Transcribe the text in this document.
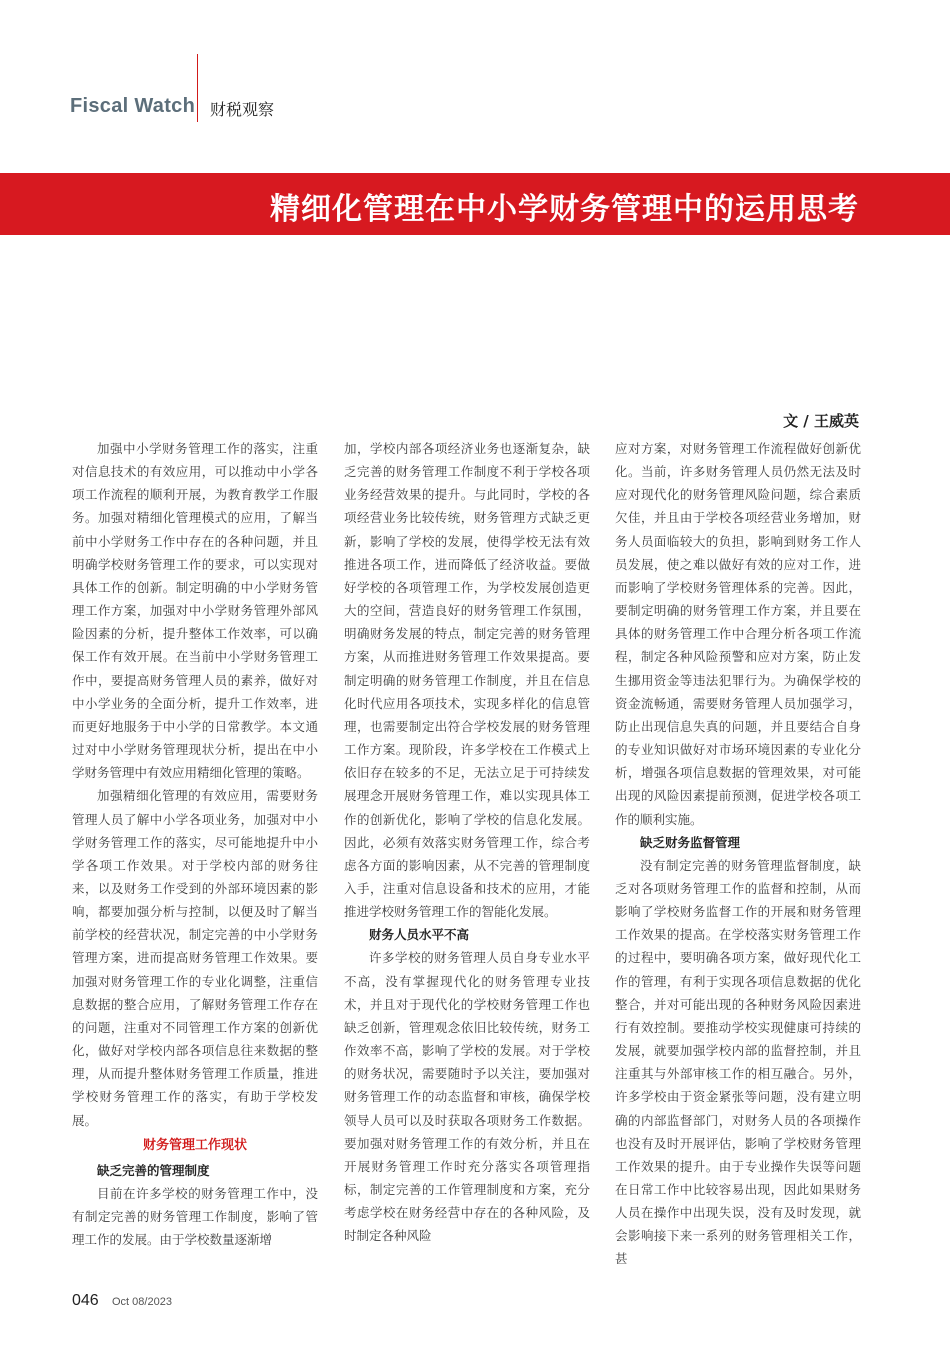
Fiscal Watch 财税观察
精细化管理在中小学财务管理中的运用思考
文 / 王威英

加强中小学财务管理工作的落实，注重对信息技术的有效应用，可以推动中小学各项工作流程的顺利开展，为教育教学工作服务。加强对精细化管理模式的应用，了解当前中小学财务工作中存在的各种问题，并且明确学校财务管理工作的要求，可以实现对具体工作的创新。制定明确的中小学财务管理工作方案，加强对中小学财务管理外部风险因素的分析，提升整体工作效率，可以确保工作有效开展。在当前中小学财务管理工作中，要提高财务管理人员的素养，做好对中小学业务的全面分析，提升工作效率，进而更好地服务于中小学的日常教学。本文通过对中小学财务管理现状分析，提出在中小学财务管理中有效应用精细化管理的策略。

加强精细化管理的有效应用，需要财务管理人员了解中小学各项业务，加强对中小学财务管理工作的落实，尽可能地提升中小学各项工作效果。对于学校内部的财务往来，以及财务工作受到的外部环境因素的影响，都要加强分析与控制，以便及时了解当前学校的经营状况，制定完善的中小学财务管理方案，进而提高财务管理工作效果。要加强对财务管理工作的专业化调整，注重信息数据的整合应用，了解财务管理工作存在的问题，注重对不同管理工作方案的创新优化，做好对学校内部各项信息往来数据的整理，从而提升整体财务管理工作质量，推进学校财务管理工作的落实，有助于学校发展。

财务管理工作现状
缺乏完善的管理制度

目前在许多学校的财务管理工作中，没有制定完善的财务管理工作制度，影响了管理工作的发展。由于学校数量逐渐增

加，学校内部各项经济业务也逐渐复杂，缺乏完善的财务管理工作制度不利于学校各项业务经营效果的提升。与此同时，学校的各项经营业务比较传统，财务管理方式缺乏更新，影响了学校的发展，使得学校无法有效推进各项工作，进而降低了经济收益。要做好学校的各项管理工作，为学校发展创造更大的空间，营造良好的财务管理工作氛围，明确财务发展的特点，制定完善的财务管理方案，从而推进财务管理工作效果提高。要制定明确的财务管理工作制度，并且在信息化时代应用各项技术，实现多样化的信息管理，也需要制定出符合学校发展的财务管理工作方案。现阶段，许多学校在工作模式上依旧存在较多的不足，无法立足于可持续发展理念开展财务管理工作，难以实现具体工作的创新优化，影响了学校的信息化发展。因此，必须有效落实财务管理工作，综合考虑各方面的影响因素，从不完善的管理制度入手，注重对信息设备和技术的应用，才能推进学校财务管理工作的智能化发展。

财务人员水平不高

许多学校的财务管理人员自身专业水平不高，没有掌握现代化的财务管理专业技术，并且对于现代化的学校财务管理工作也缺乏创新，管理观念依旧比较传统，财务工作效率不高，影响了学校的发展。对于学校的财务状况，需要随时予以关注，要加强对财务管理工作的动态监督和审核，确保学校领导人员可以及时获取各项财务工作数据。要加强对财务管理工作的有效分析，并且在开展财务管理工作时充分落实各项管理指标，制定完善的工作管理制度和方案，充分考虑学校在财务经营中存在的各种风险，及时制定各种风险

应对方案，对财务管理工作流程做好创新优化。当前，许多财务管理人员仍然无法及时应对现代化的财务管理风险问题，综合素质欠佳，并且由于学校各项经营业务增加，财务人员面临较大的负担，影响到财务工作人员发展，使之难以做好有效的应对工作，进而影响了学校财务管理体系的完善。因此，要制定明确的财务管理工作方案，并且要在具体的财务管理工作中合理分析各项工作流程，制定各种风险预警和应对方案，防止发生挪用资金等违法犯罪行为。为确保学校的资金流畅通，需要财务管理人员加强学习，防止出现信息失真的问题，并且要结合自身的专业知识做好对市场环境因素的专业化分析，增强各项信息数据的管理效果，对可能出现的风险因素提前预测，促进学校各项工作的顺利实施。

缺乏财务监督管理

没有制定完善的财务管理监督制度，缺乏对各项财务管理工作的监督和控制，从而影响了学校财务监督工作的开展和财务管理工作效果的提高。在学校落实财务管理工作的过程中，要明确各项方案，做好现代化工作的管理，有利于实现各项信息数据的优化整合，并对可能出现的各种财务风险因素进行有效控制。要推动学校实现健康可持续的发展，就要加强学校内部的监督控制，并且注重其与外部审核工作的相互融合。另外，许多学校由于资金紧张等问题，没有建立明确的内部监督部门，对财务人员的各项操作也没有及时开展评估，影响了学校财务管理工作效果的提升。由于专业操作失误等问题在日常工作中比较容易出现，因此如果财务人员在操作中出现失误，没有及时发现，就会影响接下来一系列的财务管理相关工作，甚

046 Oct 08/2023
